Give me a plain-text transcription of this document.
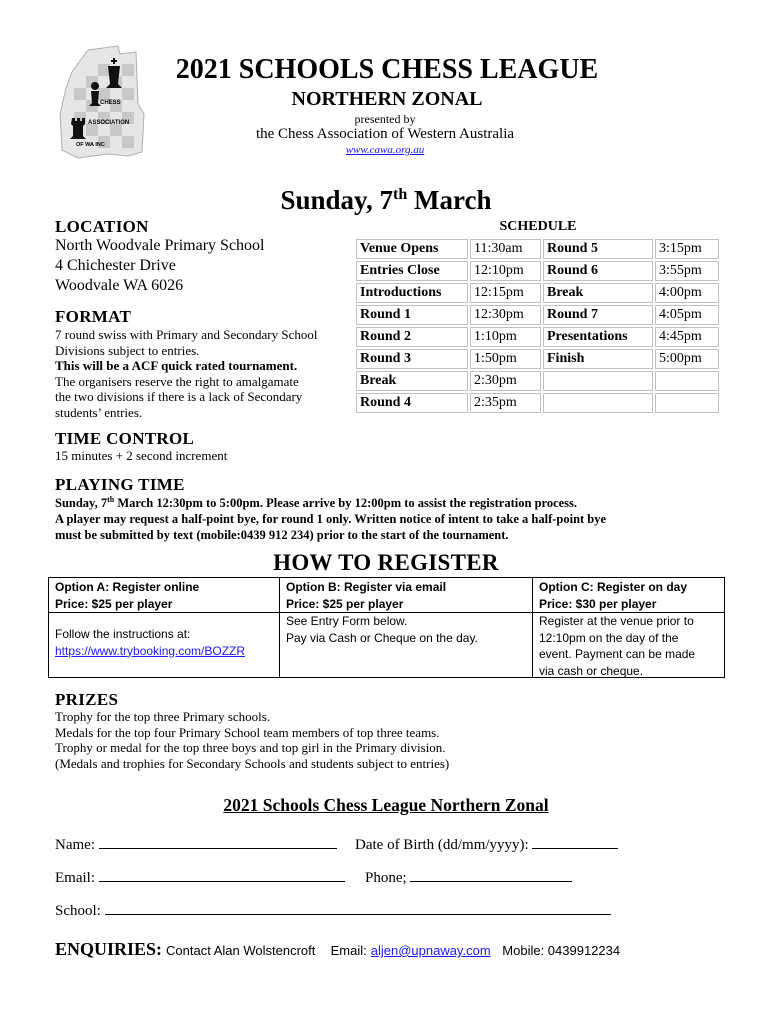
CHESS
ASSOCIATION
OF WA INC
2021 SCHOOLS CHESS LEAGUE
NORTHERN ZONAL
presented by
the Chess Association of Western Australia
www.cawa.org.au
Sunday, 7th March
LOCATION
North Woodvale Primary School
4 Chichester Drive
Woodvale WA 6026
FORMAT
7 round swiss with Primary and Secondary School
Divisions subject to entries.
This will be a ACF quick rated tournament.
The organisers reserve the right to amalgamate
the two divisions if there is a lack of Secondary
students’ entries.
SCHEDULE
Venue Opens	11:30am	Round 5	3:15pm
Entries Close	12:10pm	Round 6	3:55pm
Introductions	12:15pm	Break	4:00pm
Round 1	12:30pm	Round 7	4:05pm
Round 2	1:10pm	Presentations	4:45pm
Round 3	1:50pm	Finish	5:00pm
Break	2:30pm		
Round 4	2:35pm		
TIME CONTROL
15 minutes + 2 second increment
PLAYING TIME
Sunday, 7th March 12:30pm to 5:00pm. Please arrive by 12:00pm to assist the registration process.
A player may request a half-point bye, for round 1 only. Written notice of intent to take a half-point bye
must be submitted by text (mobile:0439 912 234) prior to the start of the tournament.
HOW TO REGISTER
Option A: Register online
Price: $25 per player
Follow the instructions at:
https://www.trybooking.com/BOZZR
Option B: Register via email
Price: $25 per player
See Entry Form below.
Pay via Cash or Cheque on the day.
Option C: Register on day
Price: $30 per player
Register at the venue prior to
12:10pm on the day of the
event. Payment can be made
via cash or cheque.
PRIZES
Trophy for the top three Primary schools.
Medals for the top four Primary School team members of top three teams.
Trophy or medal for the top three boys and top girl in the Primary division.
(Medals and trophies for Secondary Schools and students subject to entries)
2021 Schools Chess League Northern Zonal
Name:	Date of Birth (dd/mm/yyyy):
Email:	Phone;
School:
ENQUIRIES: Contact Alan Wolstencroft Email: aljen@upnaway.com Mobile: 0439912234
